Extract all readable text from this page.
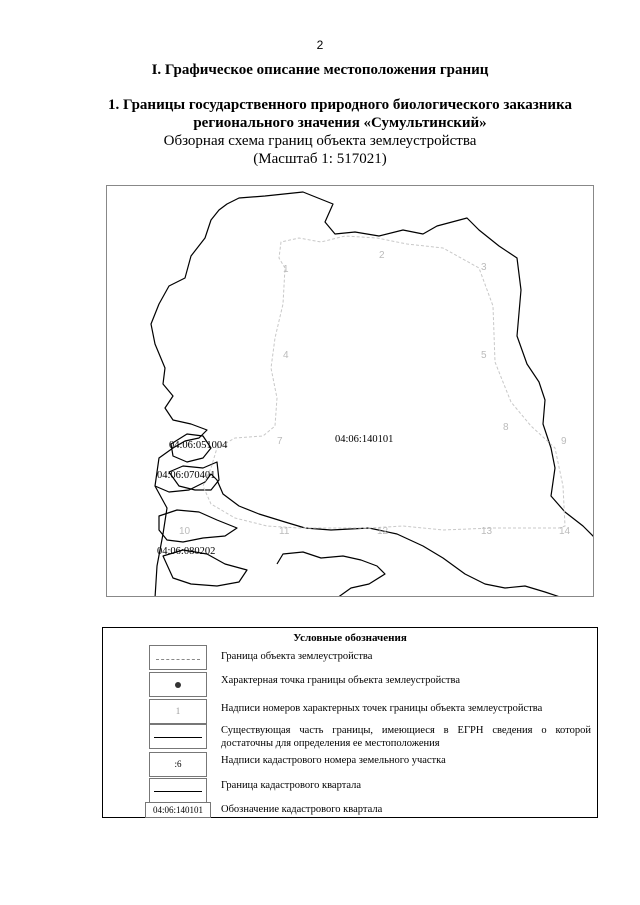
2
I. Графическое описание местоположения границ
1. Границы государственного природного биологического заказника регионального значения «Сумультинский»
Обзорная схема границ объекта землеустройства
(Масштаб 1: 517021)
1
2
3
4	5
7
8
9
10	11	12	13	14
04:06:140101
04:06:051004
04:06:070401
04:06:080202
Условные обозначения
Граница объекта землеустройства
Характерная точка границы объекта землеустройства
1	Надписи номеров характерных точек границы объекта землеустройства
Существующая часть границы, имеющиеся в ЕГРН сведения о которой достаточны для определения ее местоположения
:6	Надписи кадастрового номера земельного участка
Граница кадастрового квартала
04:06:140101	Обозначение кадастрового квартала
